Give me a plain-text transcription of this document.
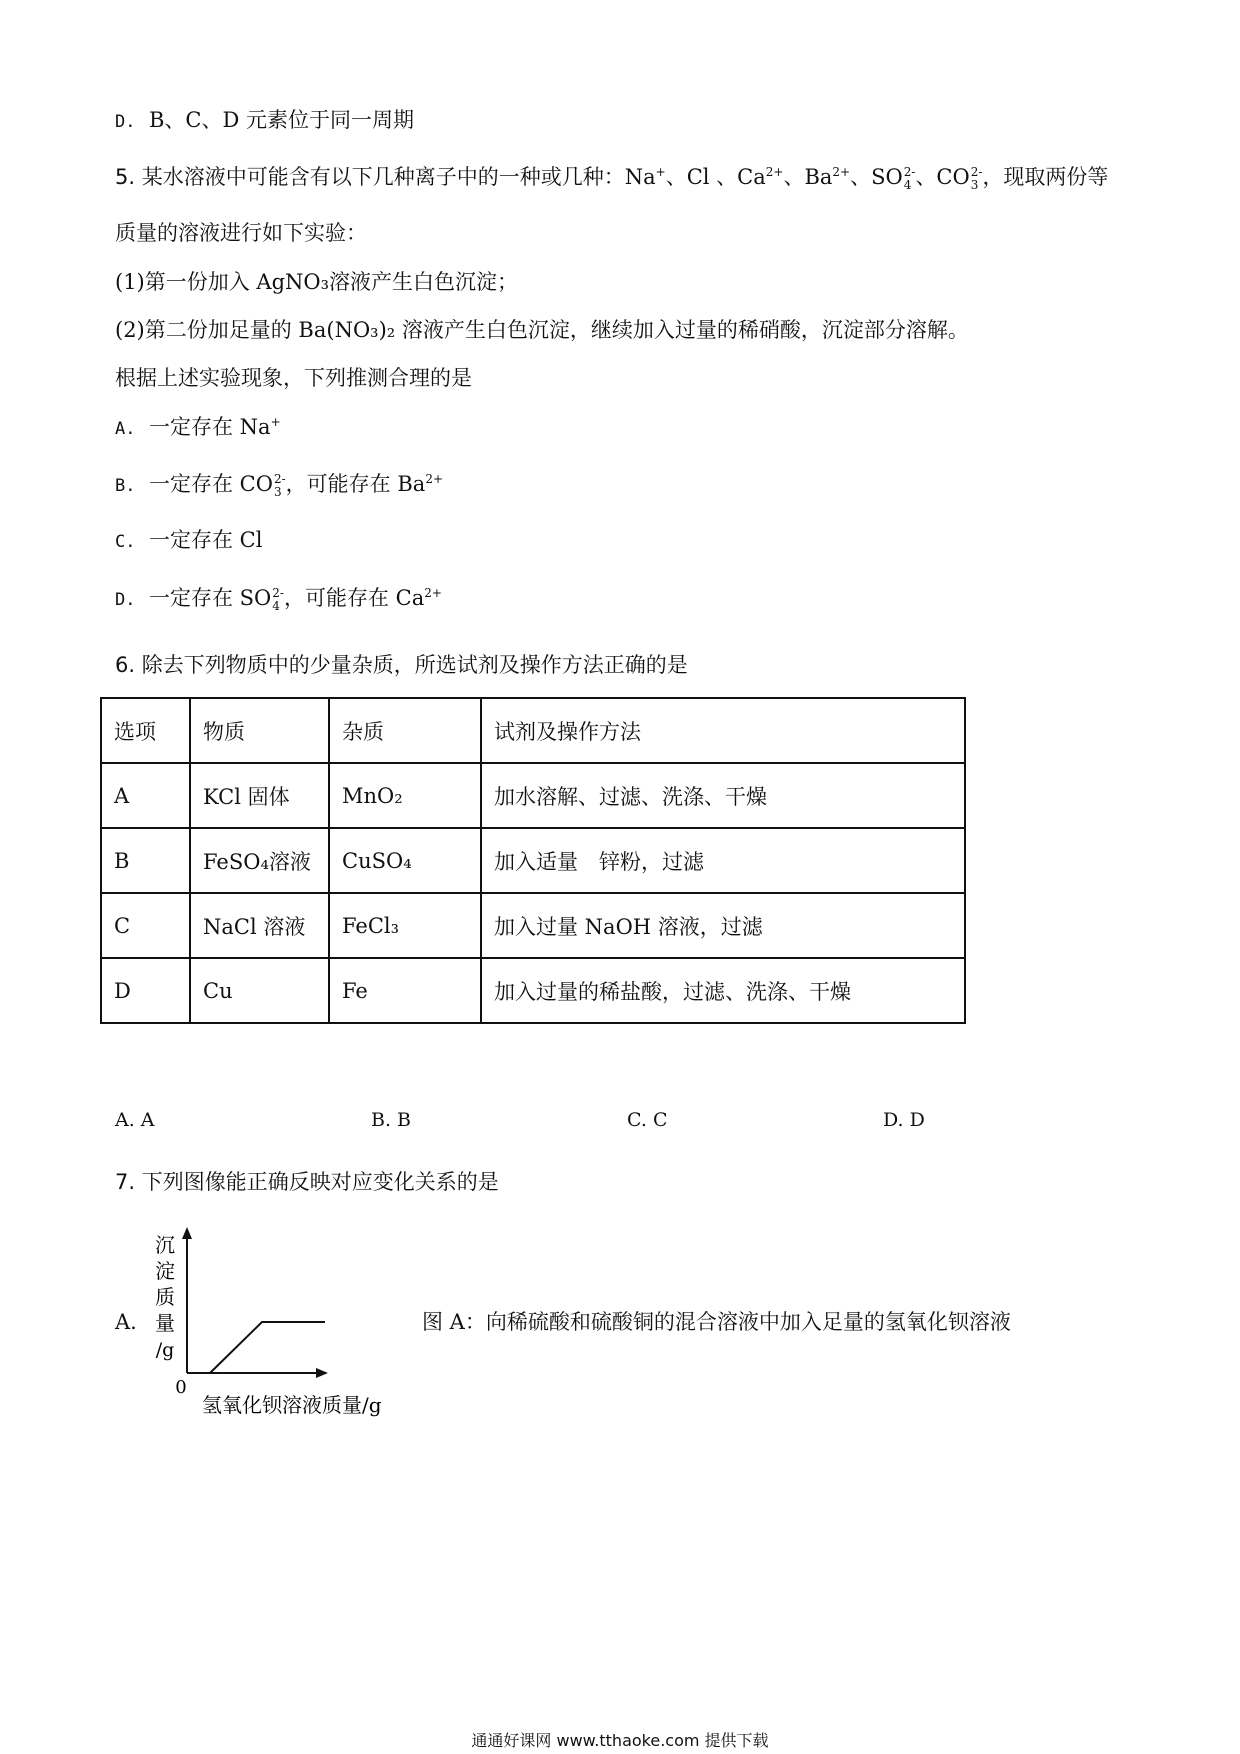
D. B、C、D 元素位于同一周期
5. 某水溶液中可能含有以下几种离子中的一种或几种：Na+、Cl 、$Ca^{2+}$、$Ba^{2+}$、SO 2-
4 、CO 2-
3 ，现取两份等
质量的溶液进行如下实验：
(1)第一份加入 AgNO₃溶液产生白色沉淀；
(2)第二份加足量的 Ba(NO₃)₂ 溶液产生白色沉淀，继续加入过量的稀硝酸，沉淀部分溶解。
根据上述实验现象，下列推测合理的是
A. 一定存在 Na+
B. 一定存在 CO 2-
3 ，可能存在 $Ba^{2+}$
C. 一定存在 Cl
D. 一定存在 SO 2-
4 ，可能存在 $Ca^{2+}$
6. 除去下列物质中的少量杂质，所选试剂及操作方法正确的是
选项	物质	杂质	试剂及操作方法
A	KCl 固体	MnO₂	加水溶解、过滤、洗涤、干燥
B	FeSO₄溶液	CuSO₄	加入适量　锌粉，过滤
C	NaCl 溶液	FeCl₃	加入过量 NaOH 溶液，过滤
D	Cu	Fe	加入过量的稀盐酸，过滤、洗涤、干燥
A. A	B. B	C. C	D. D
7. 下列图像能正确反映对应变化关系的是
A.
沉
淀
质
量
/g
0
氢氧化钡溶液质量/g
图 A：向稀硫酸和硫酸铜的混合溶液中加入足量的氢氧化钡溶液
通通好课网 www.tthaoke.com 提供下载
